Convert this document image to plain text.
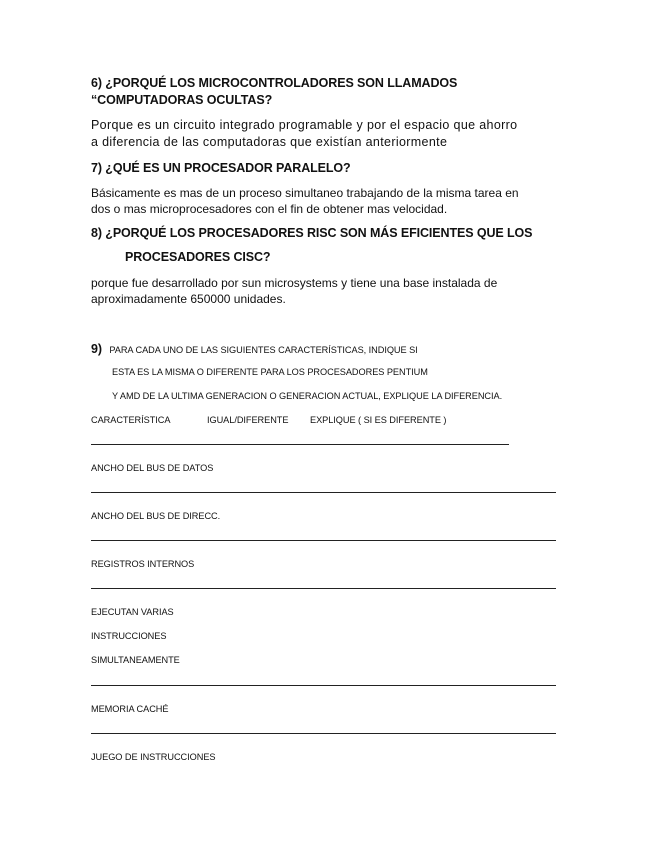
6) ¿PORQUÉ LOS MICROCONTROLADORES SON LLAMADOS
“COMPUTADORAS OCULTAS?
Porque es un circuito integrado programable y por el espacio que ahorro
a diferencia de las computadoras que existían anteriormente
7) ¿QUÉ ES UN PROCESADOR PARALELO?
Básicamente es mas de un proceso simultaneo trabajando de la misma tarea en
dos o mas microprocesadores con el fin de obtener mas velocidad.
8) ¿PORQUÉ LOS PROCESADORES RISC SON MÁS EFICIENTES QUE LOS
PROCESADORES CISC?
porque fue desarrollado por sun microsystems y tiene una base instalada de
aproximadamente 650000 unidades.
9) PARA CADA UNO DE LAS SIGUIENTES CARACTERÍSTICAS, INDIQUE SI
ESTA ES LA MISMA O DIFERENTE PARA LOS PROCESADORES PENTIUM
Y AMD DE LA ULTIMA GENERACION O GENERACION ACTUAL, EXPLIQUE LA DIFERENCIA.
CARACTERÍSTICA	IGUAL/DIFERENTE EXPLIQUE ( SI ES DIFERENTE )
ANCHO DEL BUS DE DATOS
ANCHO DEL BUS DE DIRECC.
REGISTROS INTERNOS
EJECUTAN VARIAS
INSTRUCCIONES
SIMULTANEAMENTE
MEMORIA CACHÉ
JUEGO DE INSTRUCCIONES
